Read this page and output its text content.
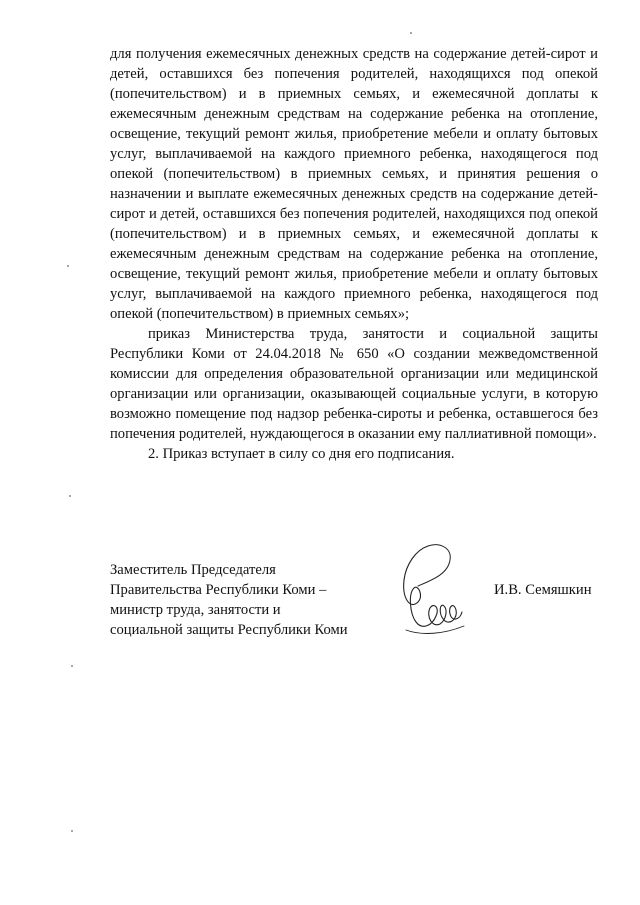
для получения ежемесячных денежных средств на содержание детей-сирот и детей, оставшихся без попечения родителей, находящихся под опекой (попечительством) и в приемных семьях, и ежемесячной доплаты к ежемесячным денежным средствам на содержание ребенка на отопление, освещение, текущий ремонт жилья, приобретение мебели и оплату бытовых услуг, выплачиваемой на каждого приемного ребенка, находящегося под опекой (попечительством) в приемных семьях, и принятия решения о назначении и выплате ежемесячных денежных средств на содержание детей-сирот и детей, оставшихся без попечения родителей, находящихся под опекой (попечительством) и в приемных семьях, и ежемесячной доплаты к ежемесячным денежным средствам на содержание ребенка на отопление, освещение, текущий ремонт жилья, приобретение мебели и оплату бытовых услуг, выплачиваемой на каждого приемного ребенка, находящегося под опекой (попечительством) в приемных семьях»;

приказ Министерства труда, занятости и социальной защиты Республики Коми от 24.04.2018 № 650 «О создании межведомственной комиссии для определения образовательной организации или медицинской организации или организации, оказывающей социальные услуги, в которую возможно помещение под надзор ребенка-сироты и ребенка, оставшегося без попечения родителей, нуждающегося в оказании ему паллиативной помощи».

2. Приказ вступает в силу со дня его подписания.

Заместитель Председателя
Правительства Республики Коми –
министр труда, занятости и
социальной защиты Республики Коми
И.В. Семяшкин
